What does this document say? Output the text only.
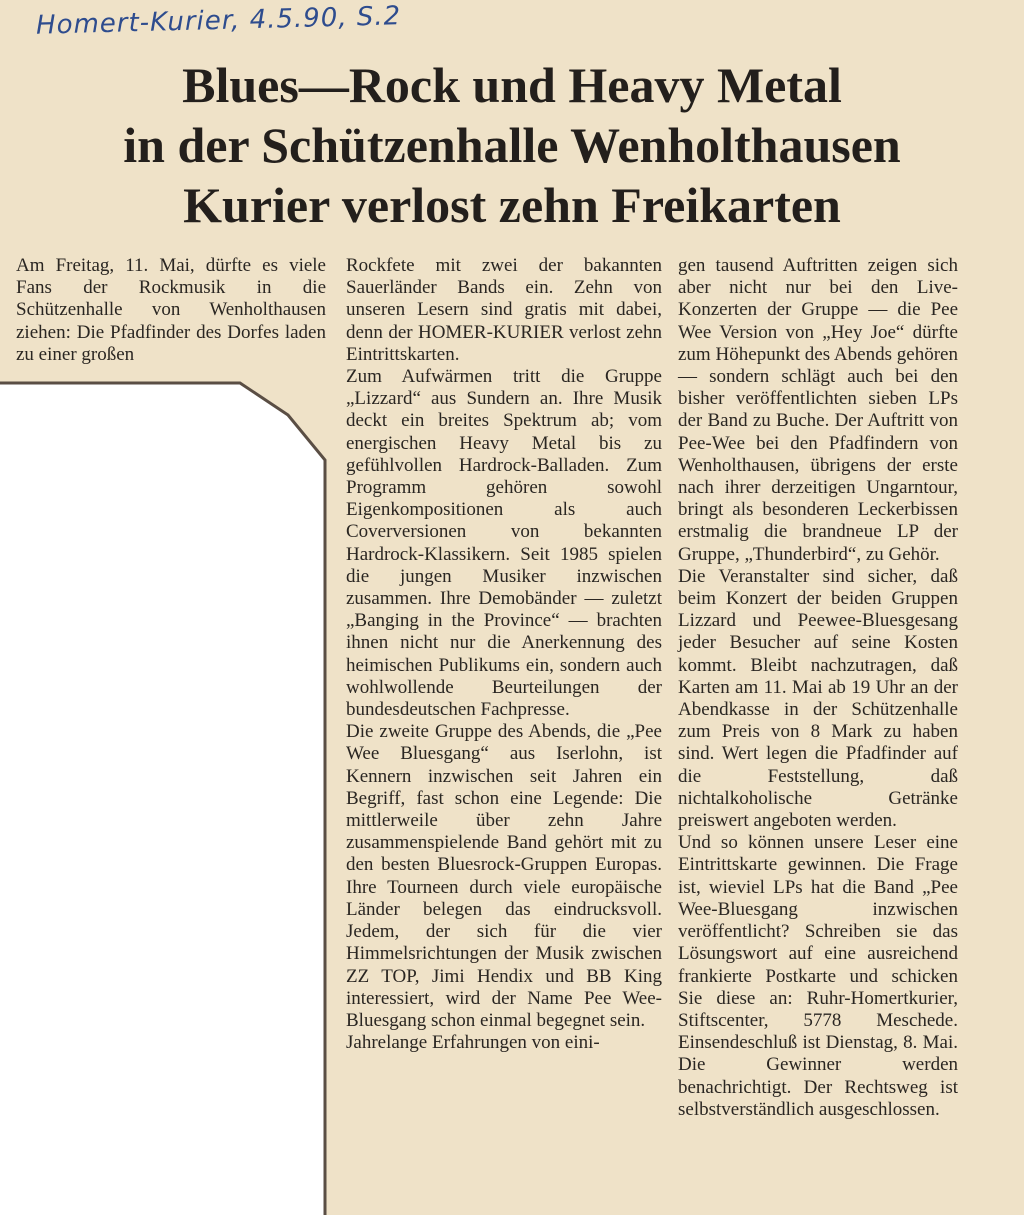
Homert-Kurier, 4.5.90, S.2
Blues—Rock und Heavy Metal
in der Schützenhalle Wenholthausen
Kurier verlost zehn Freikarten

Am Freitag, 11. Mai, dürfte es viele Fans der Rockmusik in die Schützenhalle von Wenholthausen ziehen: Die Pfadfinder des Dorfes laden zu einer großen

Rockfete mit zwei der bakannten Sauerländer Bands ein. Zehn von unseren Lesern sind gratis mit dabei, denn der HOMER-KURIER verlost zehn Eintrittskarten.

Zum Aufwärmen tritt die Gruppe „Lizzard“ aus Sundern an. Ihre Musik deckt ein breites Spektrum ab; vom energischen Heavy Metal bis zu gefühlvollen Hardrock-Balladen. Zum Programm gehören sowohl Eigenkompositionen als auch Coverversionen von bekannten Hardrock-Klassikern. Seit 1985 spielen die jungen Musiker inzwischen zusammen. Ihre Demobänder — zuletzt „Banging in the Province“ — brachten ihnen nicht nur die Anerkennung des heimischen Publikums ein, sondern auch wohlwollende Beurteilungen der bundesdeutschen Fachpresse.

Die zweite Gruppe des Abends, die „Pee Wee Bluesgang“ aus Iserlohn, ist Kennern inzwischen seit Jahren ein Begriff, fast schon eine Legende: Die mittlerweile über zehn Jahre zusammenspielende Band gehört mit zu den besten Bluesrock-Gruppen Europas. Ihre Tourneen durch viele europäische Länder belegen das eindrucksvoll. Jedem, der sich für die vier Himmelsrichtungen der Musik zwischen ZZ TOP, Jimi Hendix und BB King interessiert, wird der Name Pee Wee-Bluesgang schon einmal begegnet sein.

Jahrelange Erfahrungen von eini-

gen tausend Auftritten zeigen sich aber nicht nur bei den Live-Konzerten der Gruppe — die Pee Wee Version von „Hey Joe“ dürfte zum Höhepunkt des Abends gehören — sondern schlägt auch bei den bisher veröffentlichten sieben LPs der Band zu Buche. Der Auftritt von Pee-Wee bei den Pfadfindern von Wenholthausen, übrigens der erste nach ihrer derzeitigen Ungarntour, bringt als besonderen Leckerbissen erstmalig die brandneue LP der Gruppe, „Thunderbird“, zu Gehör.

Die Veranstalter sind sicher, daß beim Konzert der beiden Gruppen Lizzard und Peewee-Bluesgesang jeder Besucher auf seine Kosten kommt. Bleibt nachzutragen, daß Karten am 11. Mai ab 19 Uhr an der Abendkasse in der Schützenhalle zum Preis von 8 Mark zu haben sind. Wert legen die Pfadfinder auf die Feststellung, daß nichtalkoholische Getränke preiswert angeboten werden.

Und so können unsere Leser eine Eintrittskarte gewinnen. Die Frage ist, wieviel LPs hat die Band „Pee Wee-Bluesgang inzwischen veröffentlicht? Schreiben sie das Lösungswort auf eine ausreichend frankierte Postkarte und schicken Sie diese an: Ruhr-Homertkurier, Stiftscenter, 5778 Meschede. Einsendeschluß ist Dienstag, 8. Mai. Die Gewinner werden benachrichtigt. Der Rechtsweg ist selbstverständlich ausgeschlossen.
